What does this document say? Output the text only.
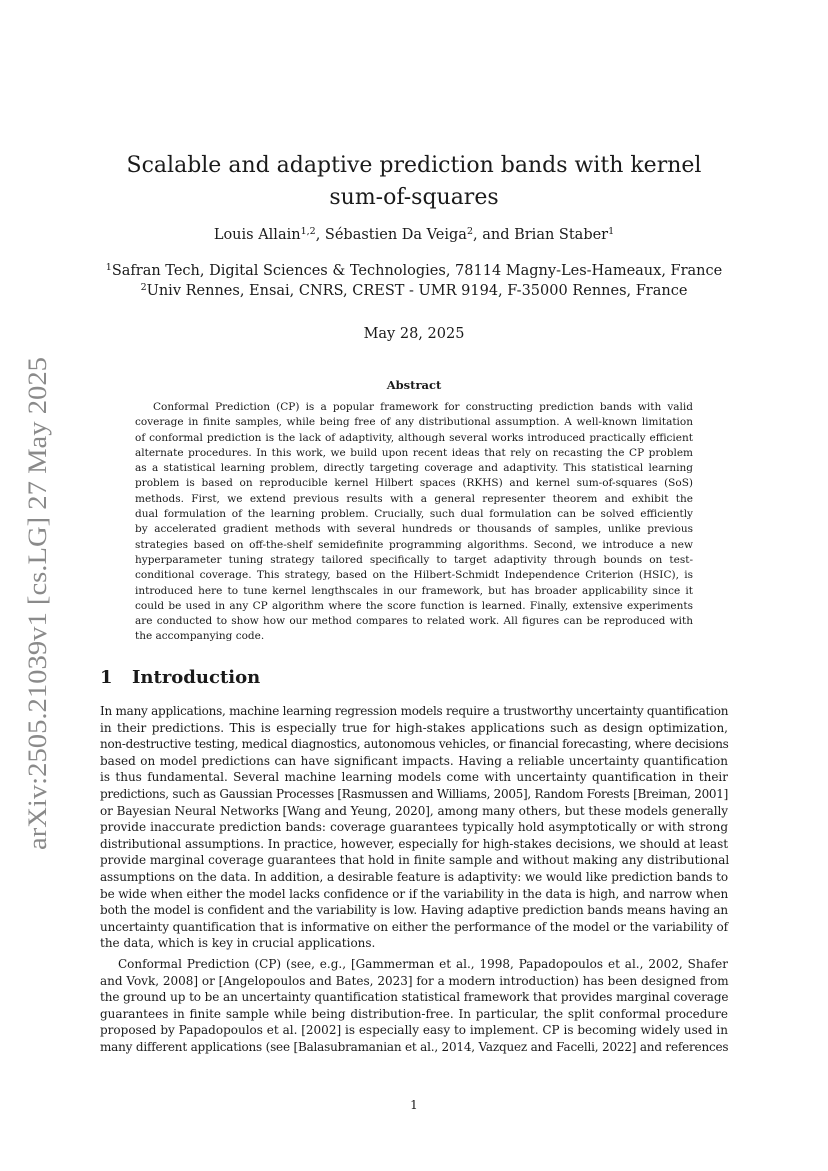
arXiv:2505.21039v1 [cs.LG] 27 May 2025
Scalable and adaptive prediction bands with kernel
sum-of-squares
Louis Allain$^{1,2}$, Sébastien Da Veiga$^2$, and Brian Staber$^1$
$^1$Safran Tech, Digital Sciences & Technologies, 78114 Magny-Les-Hameaux, France
$^2$Univ Rennes, Ensai, CNRS, CREST - UMR 9194, F-35000 Rennes, France
May 28, 2025
Abstract
Conformal Prediction (CP) is a popular framework for constructing prediction bands with valid
coverage in finite samples, while being free of any distributional assumption. A well-known limitation
of conformal prediction is the lack of adaptivity, although several works introduced practically efficient
alternate procedures. In this work, we build upon recent ideas that rely on recasting the CP problem
as a statistical learning problem, directly targeting coverage and adaptivity. This statistical learning
problem is based on reproducible kernel Hilbert spaces (RKHS) and kernel sum-of-squares (SoS)
methods. First, we extend previous results with a general representer theorem and exhibit the
dual formulation of the learning problem. Crucially, such dual formulation can be solved efficiently
by accelerated gradient methods with several hundreds or thousands of samples, unlike previous
strategies based on off-the-shelf semidefinite programming algorithms. Second, we introduce a new
hyperparameter tuning strategy tailored specifically to target adaptivity through bounds on test-
conditional coverage. This strategy, based on the Hilbert-Schmidt Independence Criterion (HSIC), is
introduced here to tune kernel lengthscales in our framework, but has broader applicability since it
could be used in any CP algorithm where the score function is learned. Finally, extensive experiments
are conducted to show how our method compares to related work. All figures can be reproduced with
the accompanying code.
1 Introduction
In many applications, machine learning regression models require a trustworthy uncertainty quantification
in their predictions. This is especially true for high-stakes applications such as design optimization,
non-destructive testing, medical diagnostics, autonomous vehicles, or financial forecasting, where decisions
based on model predictions can have significant impacts. Having a reliable uncertainty quantification
is thus fundamental. Several machine learning models come with uncertainty quantification in their
predictions, such as Gaussian Processes [Rasmussen and Williams, 2005], Random Forests [Breiman, 2001]
or Bayesian Neural Networks [Wang and Yeung, 2020], among many others, but these models generally
provide inaccurate prediction bands: coverage guarantees typically hold asymptotically or with strong
distributional assumptions. In practice, however, especially for high-stakes decisions, we should at least
provide marginal coverage guarantees that hold in finite sample and without making any distributional
assumptions on the data. In addition, a desirable feature is adaptivity: we would like prediction bands to
be wide when either the model lacks confidence or if the variability in the data is high, and narrow when
both the model is confident and the variability is low. Having adaptive prediction bands means having an
uncertainty quantification that is informative on either the performance of the model or the variability of
the data, which is key in crucial applications.
Conformal Prediction (CP) (see, e.g., [Gammerman et al., 1998, Papadopoulos et al., 2002, Shafer
and Vovk, 2008] or [Angelopoulos and Bates, 2023] for a modern introduction) has been designed from
the ground up to be an uncertainty quantification statistical framework that provides marginal coverage
guarantees in finite sample while being distribution-free. In particular, the split conformal procedure
proposed by Papadopoulos et al. [2002] is especially easy to implement. CP is becoming widely used in
many different applications (see [Balasubramanian et al., 2014, Vazquez and Facelli, 2022] and references
1
